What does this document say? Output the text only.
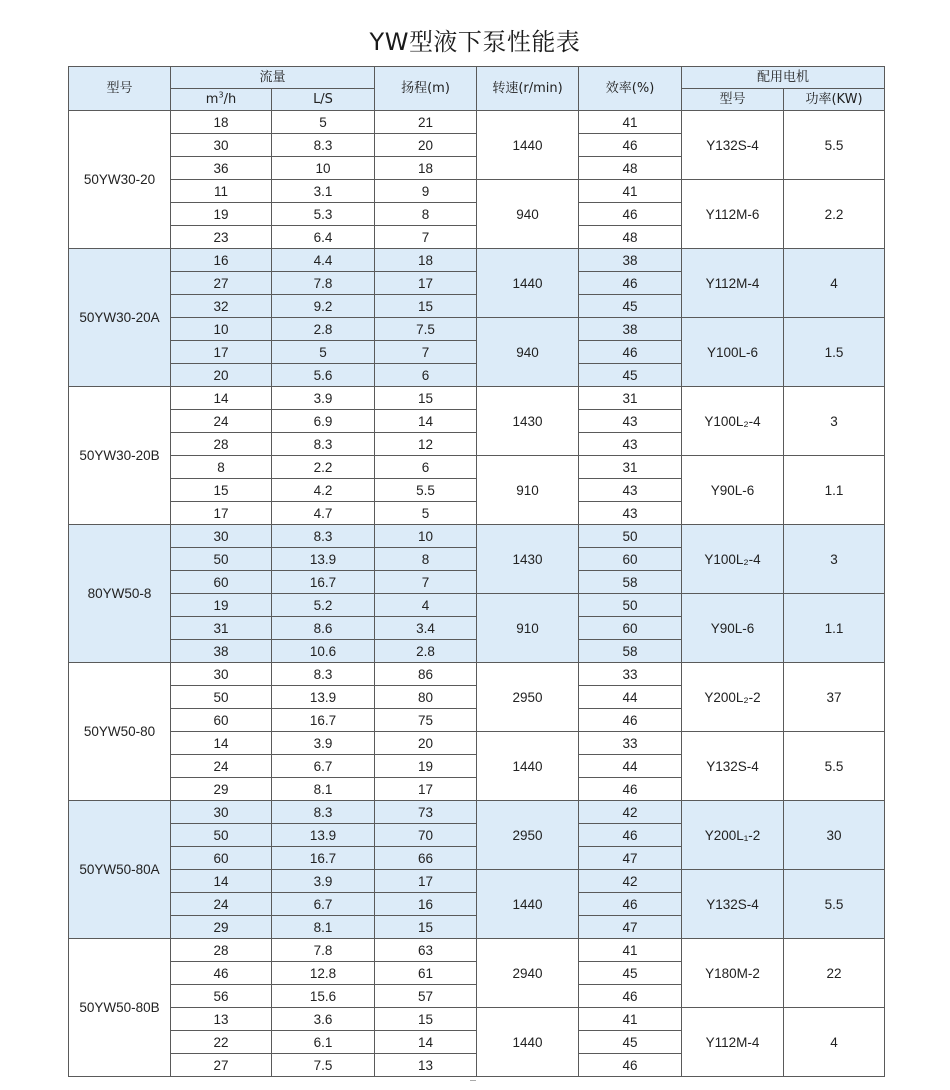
YW型液下泵性能表
型号	流量		扬程(m)	转速(r/min)	效率(%)	配用电机	
	$m^3/h$	L/S				型号	功率(KW)
50YW30-20	18	5	21	1440	41	Y132S-4	5.5
	30	8.3	20		46		
	36	10	18		48		
	11	3.1	9	940	41	Y112M-6	2.2
	19	5.3	8		46		
	23	6.4	7		48		
50YW30-20A	16	4.4	18	1440	38	Y112M-4	4
	27	7.8	17		46		
	32	9.2	15		45		
	10	2.8	7.5	940	38	Y100L-6	1.5
	17	5	7		46		
	20	5.6	6		45		
50YW30-20B	14	3.9	15	1430	31	Y100L₂-4	3
	24	6.9	14		43		
	28	8.3	12		43		
	8	2.2	6	910	31	Y90L-6	1.1
	15	4.2	5.5		43		
	17	4.7	5		43		
80YW50-8	30	8.3	10	1430	50	Y100L₂-4	3
	50	13.9	8		60		
	60	16.7	7		58		
	19	5.2	4	910	50	Y90L-6	1.1
	31	8.6	3.4		60		
	38	10.6	2.8		58		
50YW50-80	30	8.3	86	2950	33	Y200L₂-2	37
	50	13.9	80		44		
	60	16.7	75		46		
	14	3.9	20	1440	33	Y132S-4	5.5
	24	6.7	19		44		
	29	8.1	17		46		
50YW50-80A	30	8.3	73	2950	42	Y200L₁-2	30
	50	13.9	70		46		
	60	16.7	66		47		
	14	3.9	17	1440	42	Y132S-4	5.5
	24	6.7	16		46		
	29	8.1	15		47		
50YW50-80B	28	7.8	63	2940	41	Y180M-2	22
	46	12.8	61		45		
	56	15.6	57		46		
	13	3.6	15	1440	41	Y112M-4	4
	22	6.1	14		45		
	27	7.5	13		46		
